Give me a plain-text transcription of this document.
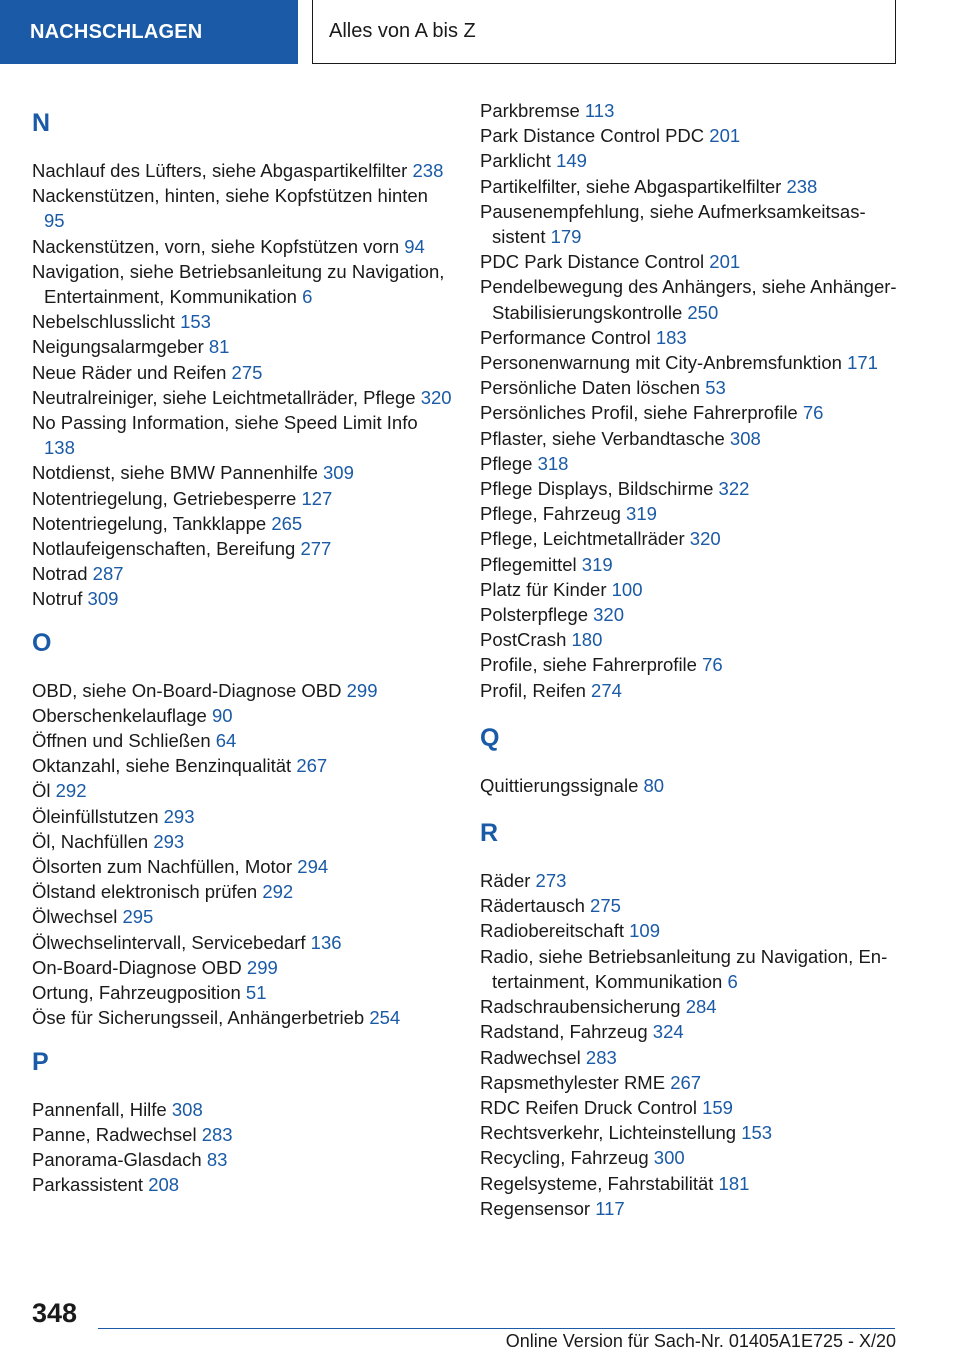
NACHSCHLAGEN	Alles von A bis Z
N
Nachlauf des Lüfters, siehe Abgaspartikelfilter 238
Nackenstützen, hinten, siehe Kopfstützen hinten 95
Nackenstützen, vorn, siehe Kopfstützen vorn 94
Navigation, siehe Betriebsanleitung zu Navigation, Entertainment, Kommunikation 6
Nebelschlusslicht 153
Neigungsalarmgeber 81
Neue Räder und Reifen 275
Neutralreiniger, siehe Leichtmetallräder, Pflege 320
No Passing Information, siehe Speed Limit Info 138
Notdienst, siehe BMW Pannenhilfe 309
Notentriegelung, Getriebesperre 127
Notentriegelung, Tankklappe 265
Notlaufeigenschaften, Bereifung 277
Notrad 287
Notruf 309
O
OBD, siehe On-Board-Diagnose OBD 299
Oberschenkelauflage 90
Öffnen und Schließen 64
Oktanzahl, siehe Benzinqualität 267
Öl 292
Öleinfüllstutzen 293
Öl, Nachfüllen 293
Ölsorten zum Nachfüllen, Motor 294
Ölstand elektronisch prüfen 292
Ölwechsel 295
Ölwechselintervall, Servicebedarf 136
On-Board-Diagnose OBD 299
Ortung, Fahrzeugposition 51
Öse für Sicherungsseil, Anhängerbetrieb 254
P
Pannenfall, Hilfe 308
Panne, Radwechsel 283
Panorama-Glasdach 83
Parkassistent 208
Parkbremse 113
Park Distance Control PDC 201
Parklicht 149
Partikelfilter, siehe Abgaspartikelfilter 238
Pausenempfehlung, siehe Aufmerksamkeitsassistent 179
PDC Park Distance Control 201
Pendelbewegung des Anhängers, siehe Anhänger-Stabilisierungskontrolle 250
Performance Control 183
Personenwarnung mit City-Anbremsfunktion 171
Persönliche Daten löschen 53
Persönliches Profil, siehe Fahrerprofile 76
Pflaster, siehe Verbandtasche 308
Pflege 318
Pflege Displays, Bildschirme 322
Pflege, Fahrzeug 319
Pflege, Leichtmetallräder 320
Pflegemittel 319
Platz für Kinder 100
Polsterpflege 320
PostCrash 180
Profile, siehe Fahrerprofile 76
Profil, Reifen 274
Q
Quittierungssignale 80
R
Räder 273
Rädertausch 275
Radiobereitschaft 109
Radio, siehe Betriebsanleitung zu Navigation, Entertainment, Kommunikation 6
Radschraubensicherung 284
Radstand, Fahrzeug 324
Radwechsel 283
Rapsmethylester RME 267
RDC Reifen Druck Control 159
Rechtsverkehr, Lichteinstellung 153
Recycling, Fahrzeug 300
Regelsysteme, Fahrstabilität 181
Regensensor 117
348
Online Version für Sach-Nr. 01405A1E725 - X/20
